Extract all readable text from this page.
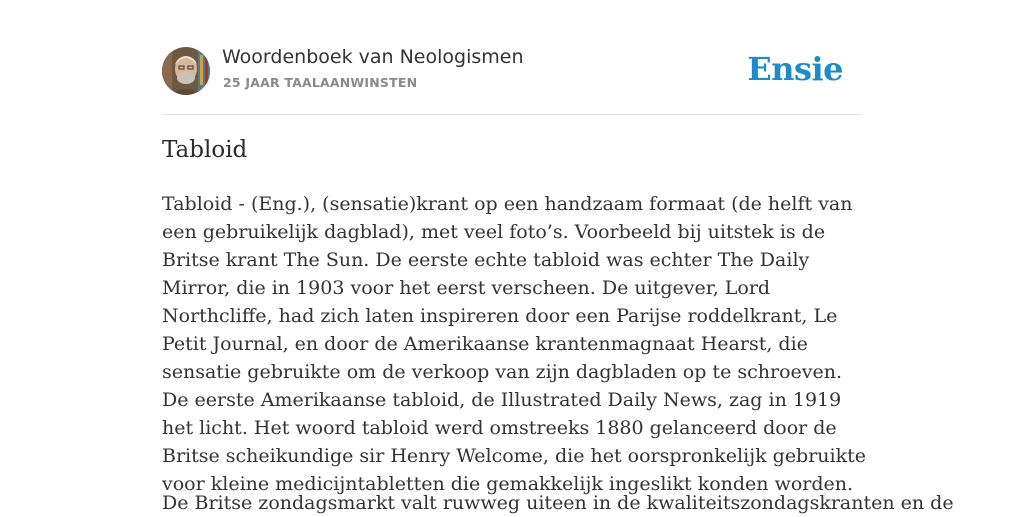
Woordenboek van Neologismen
25 JAAR TAALAANWINSTEN	Ensie
Tabloid

Tabloid - (Eng.), (sensatie)krant op een handzaam formaat (de helft van een gebruikelijk dagblad), met veel foto’s. Voorbeeld bij uitstek is de Britse krant The Sun. De eerste echte tabloid was echter The Daily Mirror, die in 1903 voor het eerst verscheen. De uitgever, Lord Northcliffe, had zich laten inspireren door een Parijse roddelkrant, Le Petit Journal, en door de Amerikaanse krantenmagnaat Hearst, die sensatie gebruikte om de verkoop van zijn dagbladen op te schroeven. De eerste Amerikaanse tabloid, de Illustrated Daily News, zag in 1919 het licht. Het woord tabloid werd omstreeks 1880 gelanceerd door de Britse scheikundige sir Henry Welcome, die het oorspronkelijk gebruikte voor kleine medicijntabletten die gemakkelijk ingeslikt konden worden.

De Britse zondagsmarkt valt ruwweg uiteen in de kwaliteitszondagskranten en de
